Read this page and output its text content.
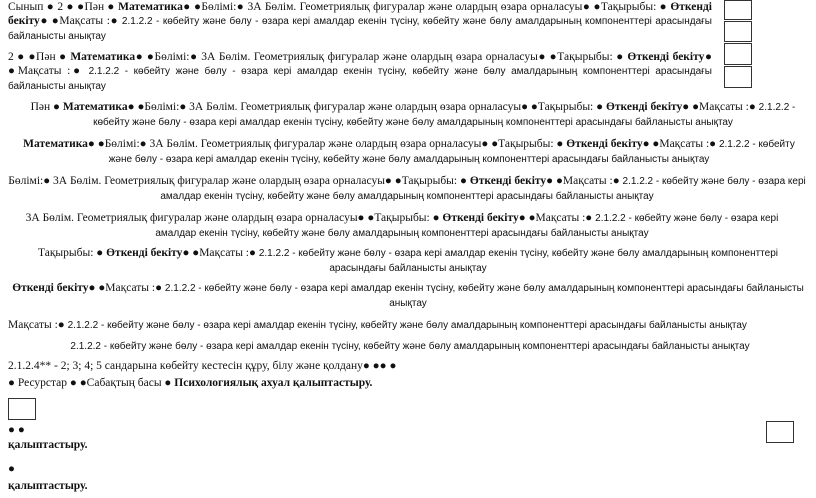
Сынып ● 2 ● ●Пән ● Математика● ●Бөлімі:● 3А Бөлім. Геометриялық фигуралар және олардың өзара орналасуы● ●Тақырыбы: ● Өткенді бекіту● ●Мақсаты :● 2.1.2.2 - көбейту және бөлу - өзара кері амалдар екенін түсіну, көбейту және бөлу амалдарының компоненттері арасындағы байланысты анықтау
2 ● ●Пән ● Математика● ●Бөлімі:● 3А Бөлім. Геометриялық фигуралар және олардың өзара орналасуы● ●Тақырыбы: ● Өткенді бекіту● ●Мақсаты :● 2.1.2.2 - көбейту және бөлу - өзара кері амалдар екенін түсіну, көбейту және бөлу амалдарының компоненттері арасындағы байланысты анықтау
Пән ● Математика● ●Бөлімі:● 3А Бөлім. Геометриялық фигуралар және олардың өзара орналасуы● ●Тақырыбы: ● Өткенді бекіту● ●Мақсаты :● 2.1.2.2 - көбейту және бөлу - өзара кері амалдар екенін түсіну, көбейту және бөлу амалдарының компоненттері арасындағы байланысты анықтау
Математика● ●Бөлімі:● 3А Бөлім. Геометриялық фигуралар және олардың өзара орналасуы● ●Тақырыбы: ● Өткенді бекіту● ●Мақсаты :● 2.1.2.2 - көбейту және бөлу - өзара кері амалдар екенін түсіну, көбейту және бөлу амалдарының компоненттері арасындағы байланысты анықтау
Бөлімі:● 3А Бөлім. Геометриялық фигуралар және олардың өзара орналасуы● ●Тақырыбы: ● Өткенді бекіту● ●Мақсаты :● 2.1.2.2 - көбейту және бөлу - өзара кері амалдар екенін түсіну, көбейту және бөлу амалдарының компоненттері арасындағы байланысты анықтау
3А Бөлім. Геометриялық фигуралар және олардың өзара орналасуы● ●Тақырыбы: ● Өткенді бекіту● ●Мақсаты :● 2.1.2.2 - көбейту және бөлу - өзара кері амалдар екенін түсіну, көбейту және бөлу амалдарының компоненттері арасындағы байланысты анықтау
Тақырыбы: ● Өткенді бекіту● ●Мақсаты :● 2.1.2.2 - көбейту және бөлу - өзара кері амалдар екенін түсіну, көбейту және бөлу амалдарының компоненттері арасындағы байланысты анықтау
Өткенді бекіту● ●Мақсаты :● 2.1.2.2 - көбейту және бөлу - өзара кері амалдар екенін түсіну, көбейту және бөлу амалдарының компоненттері арасындағы байланысты анықтау
Мақсаты :● 2.1.2.2 - көбейту және бөлу - өзара кері амалдар екенін түсіну, көбейту және бөлу амалдарының компоненттері арасындағы байланысты анықтау
2.1.2.2 - көбейту және бөлу - өзара кері амалдар екенін түсіну, көбейту және бөлу амалдарының компоненттері арасындағы байланысты анықтау
2.1.2.4** - 2; 3; 4; 5 сандарына көбейту кестесін құру, білу және қолдану● ●● ●
● Ресурстар ● ●Сабақтың басы ● Психологиялық ахуал қалыптастыру.
● ●
қалыптастыру.
●
қалыптастыру.
